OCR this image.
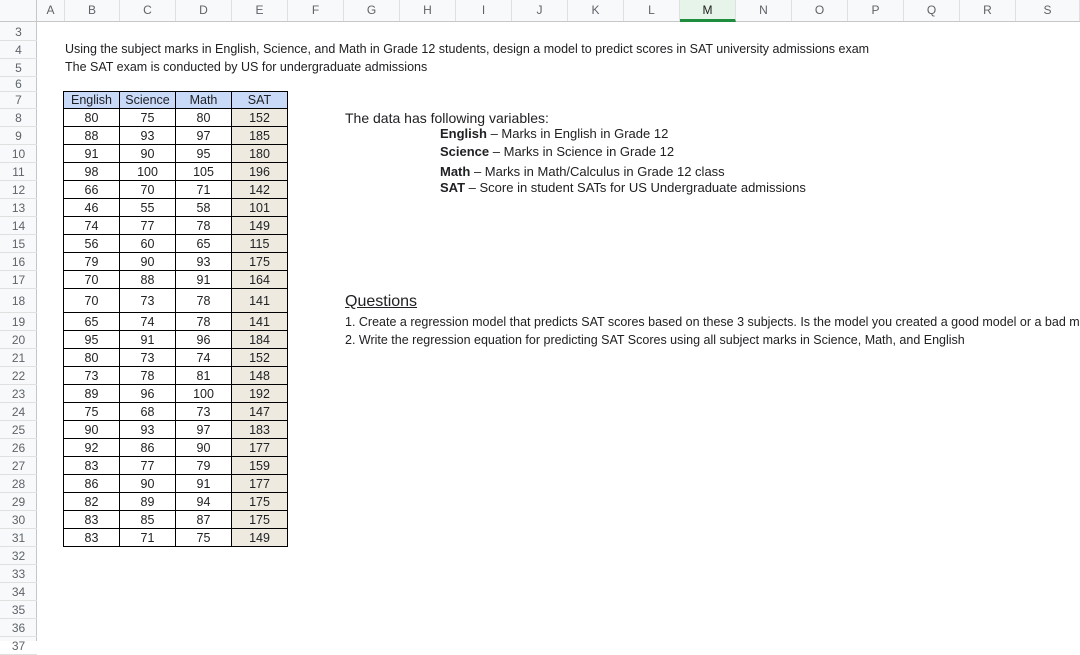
A	B	C	D	E	F	G	H	I	J	K	L	M	N	O	P	Q	R	S
3
4
5
6
7
8
9
10
11
12
13
14
15
16
17
18
19
20
21
22
23
24
25
26
27
28
29
30
31
32
33
34
35
36
37
Using the subject marks in English, Science, and Math in Grade 12 students, design a model to predict scores in SAT university admissions exam
The SAT exam is conducted by US for undergraduate admissions
English	Science	Math	SAT
80	75	80	152
88	93	97	185
91	90	95	180
98	100	105	196
66	70	71	142
46	55	58	101
74	77	78	149
56	60	65	115
79	90	93	175
70	88	91	164
70	73	78	141
65	74	78	141
95	91	96	184
80	73	74	152
73	78	81	148
89	96	100	192
75	68	73	147
90	93	97	183
92	86	90	177
83	77	79	159
86	90	91	177
82	89	94	175
83	85	87	175
83	71	75	149
The data has following variables:
English – Marks in English in Grade 12
Science – Marks in Science in Grade 12
Math – Marks in Math/Calculus in Grade 12 class
SAT – Score in student SATs for US Undergraduate admissions
Questions
1. Create a regression model that predicts SAT scores based on these 3 subjects. Is the model you created a good model or a bad m
2. Write the regression equation for predicting SAT Scores using all subject marks in Science, Math, and English
